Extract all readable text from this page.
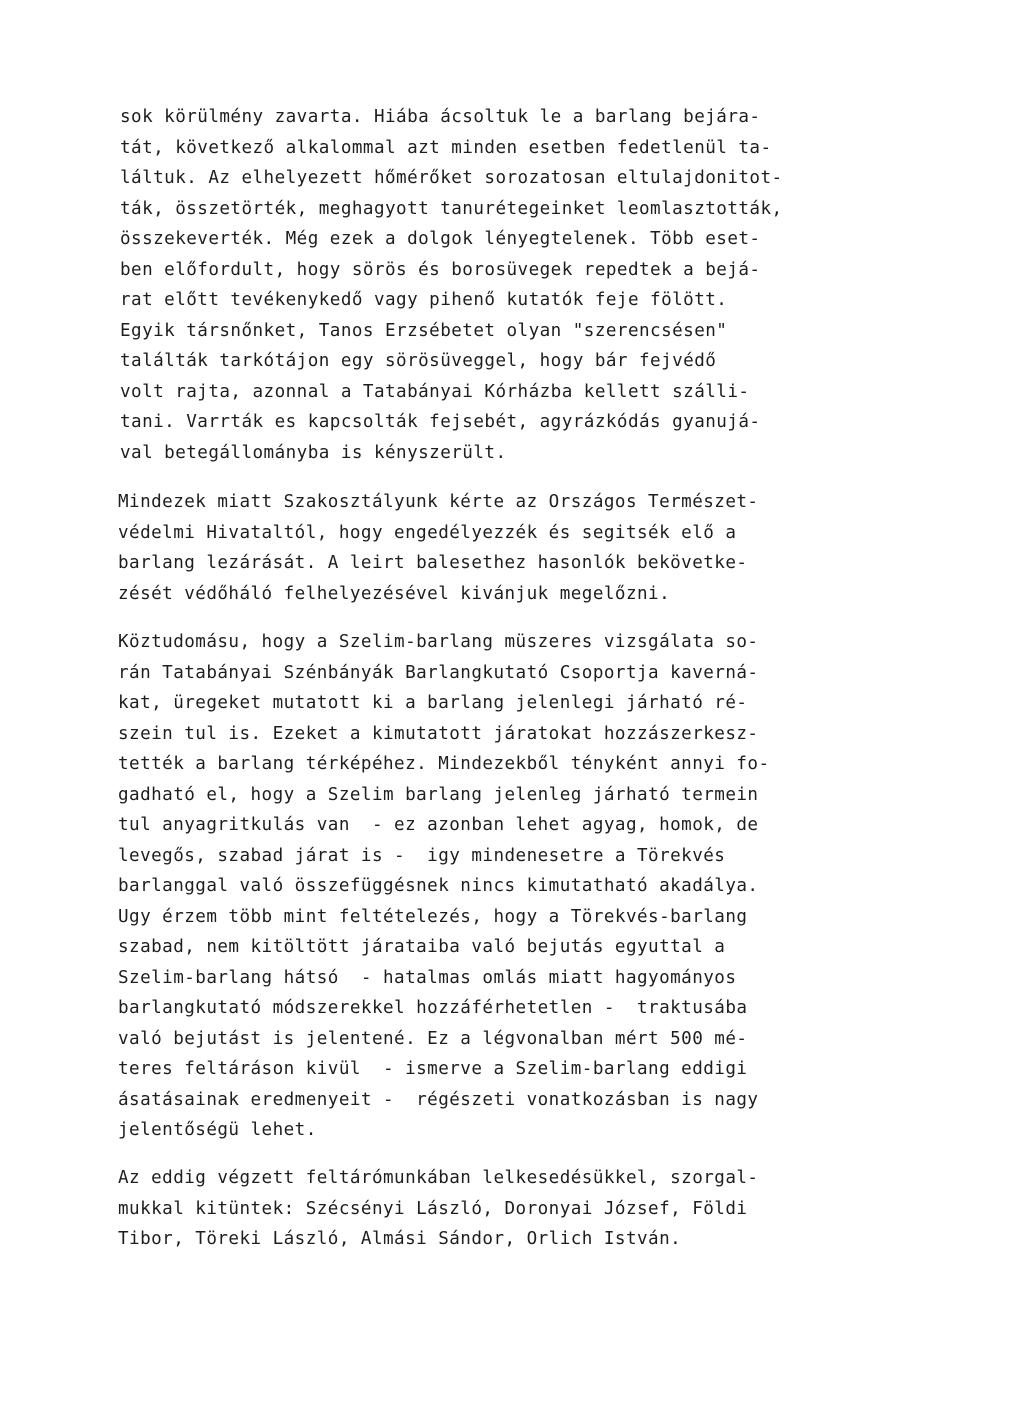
sok körülmény zavarta. Hiába ácsoltuk le a barlang bejára-
tát, következő alkalommal azt minden esetben fedetlenül ta-
láltuk. Az elhelyezett hőmérőket sorozatosan eltulajdonitot-
ták, összetörték, meghagyott tanurétegeinket leomlasztották,
összekeverték. Még ezek a dolgok lényegtelenek. Több eset-
ben előfordult, hogy sörös és borosüvegek repedtek a bejá-
rat előtt tevékenykedő vagy pihenő kutatók feje fölött.
Egyik társnőnket, Tanos Erzsébetet olyan "szerencsésen"
találták tarkótájon egy sörösüveggel, hogy bár fejvédő
volt rajta, azonnal a Tatabányai Kórházba kellett szálli-
tani. Varrták es kapcsolták fejsebét, agyrázkódás gyanujá-
val betegállományba is kényszerült.
Mindezek miatt Szakosztályunk kérte az Országos Természet-
védelmi Hivataltól, hogy engedélyezzék és segitsék elő a
barlang lezárását. A leirt balesethez hasonlók bekövetke-
zését védőháló felhelyezésével kivánjuk megelőzni.
Köztudomásu, hogy a Szelim-barlang müszeres vizsgálata so-
rán Tatabányai Szénbányák Barlangkutató Csoportja kaverná-
kat, üregeket mutatott ki a barlang jelenlegi járható ré-
szein tul is. Ezeket a kimutatott járatokat hozzászerkesz-
tették a barlang térképéhez. Mindezekből tényként annyi fo-
gadható el, hogy a Szelim barlang jelenleg járható termein
tul anyagritkulás van  - ez azonban lehet agyag, homok, de
levegős, szabad járat is -  igy mindenesetre a Törekvés
barlanggal való összefüggésnek nincs kimutatható akadálya.
Ugy érzem több mint feltételezés, hogy a Törekvés-barlang
szabad, nem kitöltött járataiba való bejutás egyuttal a
Szelim-barlang hátsó  - hatalmas omlás miatt hagyományos
barlangkutató módszerekkel hozzáférhetetlen -  traktusába
való bejutást is jelentené. Ez a légvonalban mért 500 mé-
teres feltáráson kivül  - ismerve a Szelim-barlang eddigi
ásatásainak eredmenyeit -  régészeti vonatkozásban is nagy
jelentőségü lehet.
Az eddig végzett feltárómunkában lelkesedésükkel, szorgal-
mukkal kitüntek: Szécsényi László, Doronyai József, Földi
Tibor, Töreki László, Almási Sándor, Orlich István.
